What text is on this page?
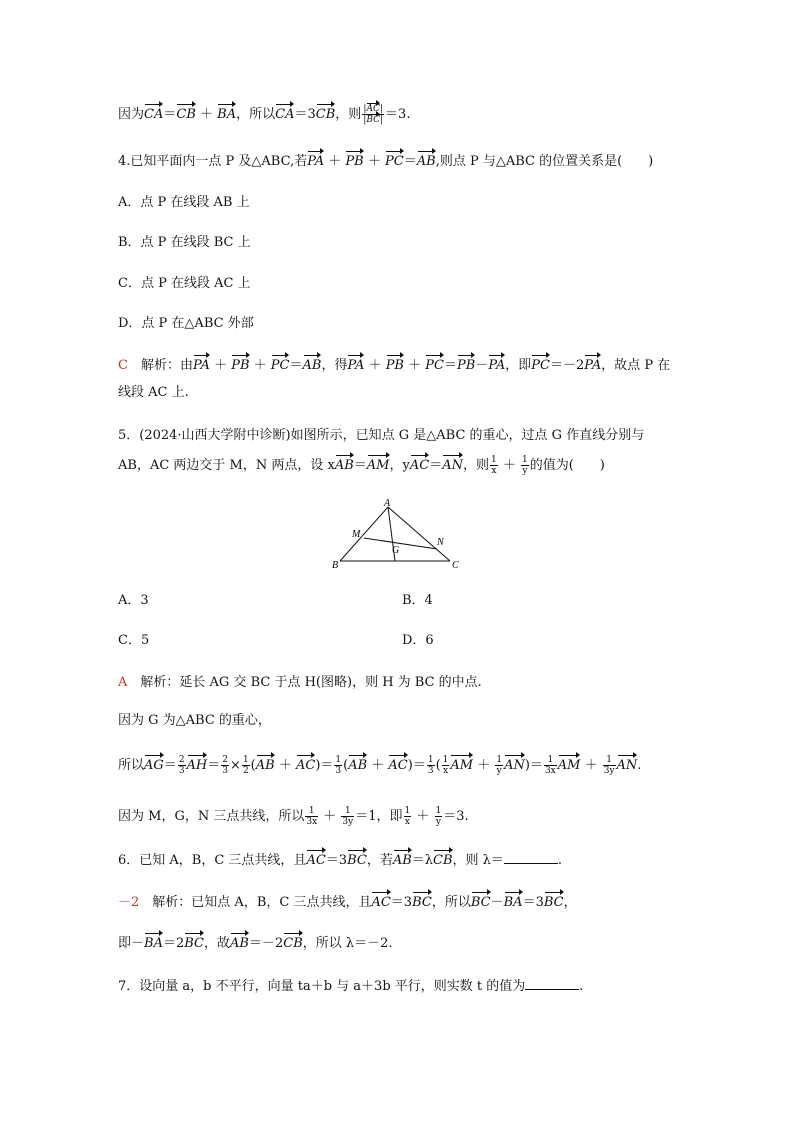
因为CA＝CB ＋ BA，所以CA＝3CB，则 $\frac{|AC|}{|BC|} =3$.
4.已知平面内一点 P 及△ABC,若PA ＋ PB ＋ PC＝AB,则点 P 与△ABC 的位置关系是(　　)
A．点 P 在线段 AB 上
B．点 P 在线段 BC 上
C．点 P 在线段 AC 上
D．点 P 在△ABC 外部
C　 解析：由PA ＋ PB ＋ PC＝AB，得PA ＋ PB ＋ PC＝PB－PA，即PC＝－2PA，故点 P 在
线段 AC 上.
5．(2024·山西大学附中诊断)如图所示，已知点 G 是△ABC 的重心，过点 G 作直线分别与
AB，AC 两边交于 M，N 两点，设 xAB＝AM，yAC＝AN，则 $\frac{1}{x} + \frac{1}{y}$ 的值为(　　)
A
B	C
M
N
G
A．3	B．4
C．5	D．6
A　 解析：延长 AG 交 BC 于点 H(图略)，则 H 为 BC 的中点.
因为 G 为△ABC 的重心，
所以$AG= \frac{2}{3} AH= \frac{2}{3} \times \frac{1}{2} (AB + AC)= \frac{1}{3} (AB + AC)= \frac{1}{3}$ ( $\frac{1}{x}$ AM ＋ $\frac{1}{y} AN)= \frac{1}{3x}$ AM ＋ $\frac{1}{3y}$ AN.
因为 M，G，N 三点共线，所以 $\frac{1}{3x} + \frac{1}{3y} =1$，即 $\frac{1}{x} + \frac{1}{y} =3$.
6．已知 A，B，C 三点共线，且AC＝3BC，若AB＝λCB，则 λ＝	.
－2　 解析：已知点 A，B，C 三点共线，且AC＝3BC，所以BC－BA＝3BC，
即－BA＝2BC，故AB＝－2CB，所以 λ＝－2.
7．设向量 a，b 不平行，向量 ta＋b 与 a＋3b 平行，则实数 t 的值为	.
